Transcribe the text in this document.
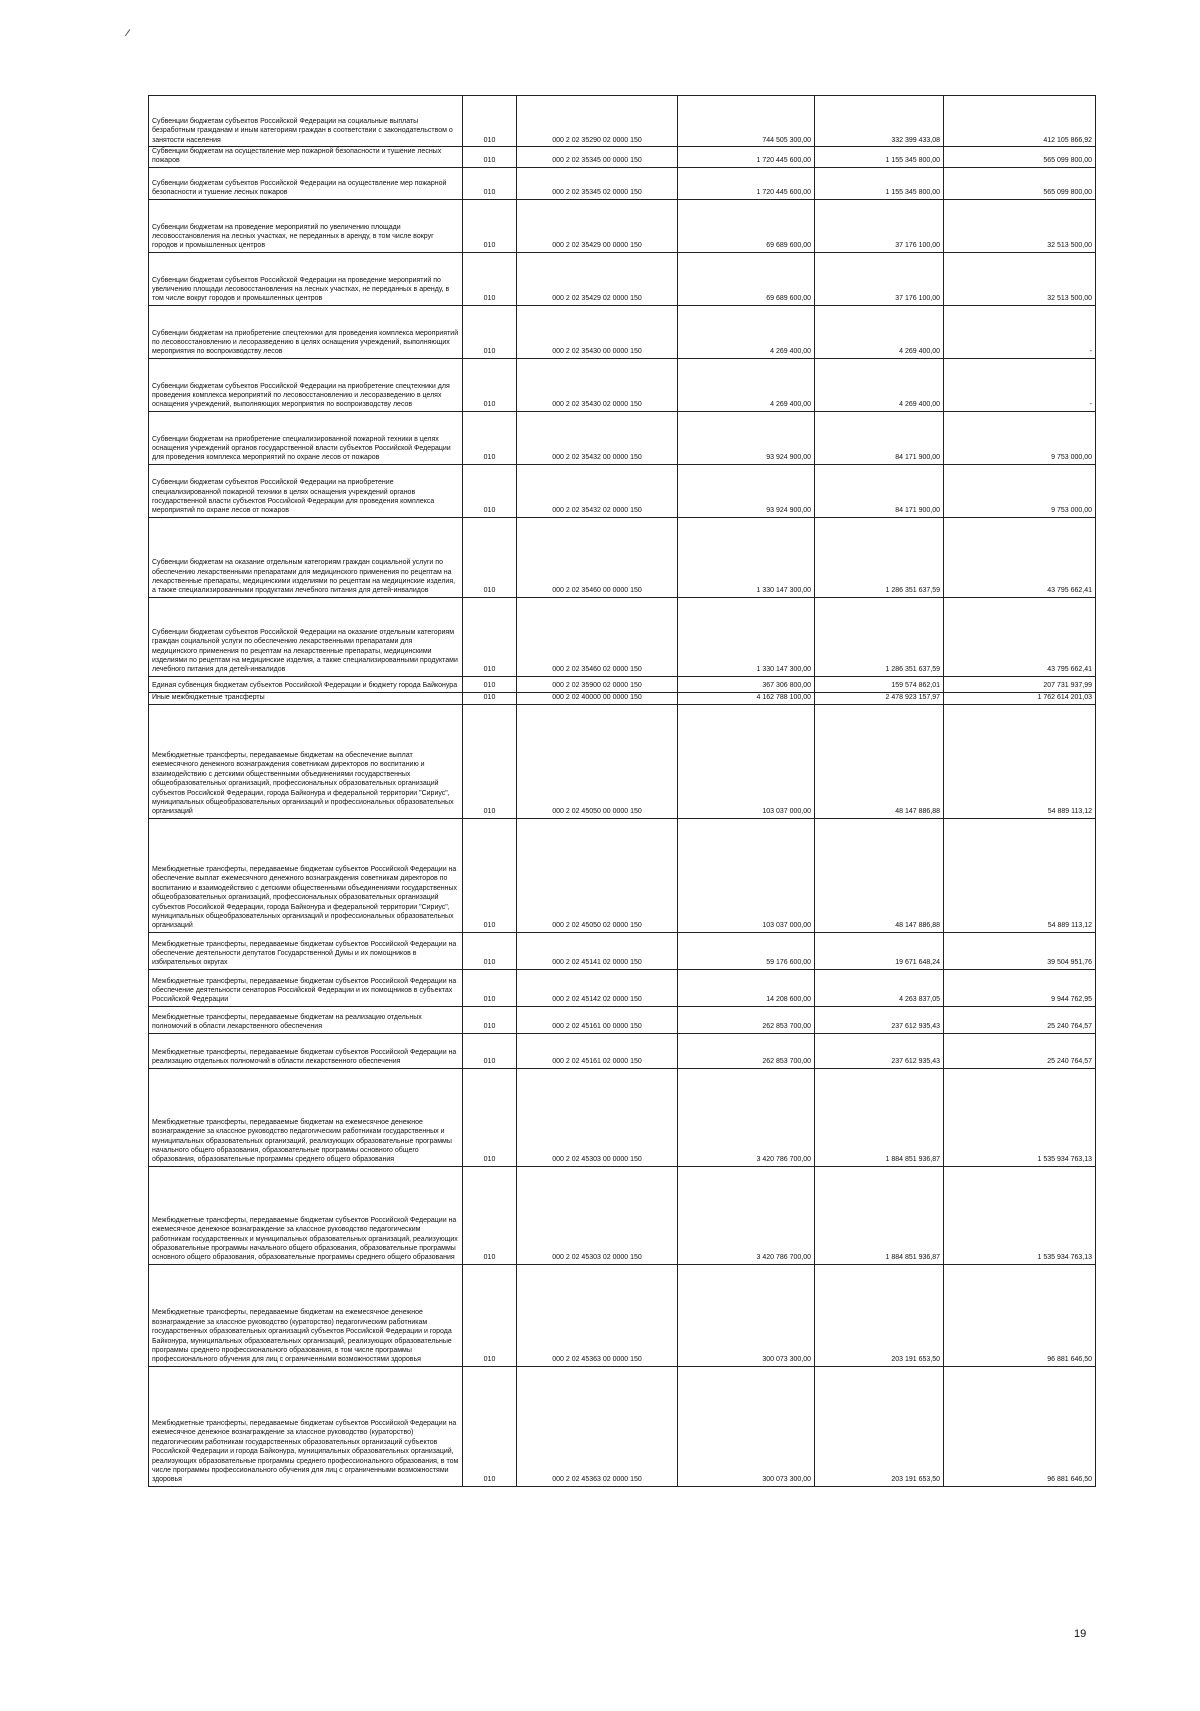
Субвенции бюджетам субъектов Российской Федерации на социальные выплаты безработным гражданам и иным категориям граждан в соответствии с законодательством о занятости населения	010	000 2 02 35290 02 0000 150	744 505 300,00	332 399 433,08	412 105 866,92
Субвенции бюджетам на осуществление мер пожарной безопасности и тушение лесных пожаров	010	000 2 02 35345 00 0000 150	1 720 445 600,00	1 155 345 800,00	565 099 800,00
Субвенции бюджетам субъектов Российской Федерации на осуществление мер пожарной безопасности и тушение лесных пожаров	010	000 2 02 35345 02 0000 150	1 720 445 600,00	1 155 345 800,00	565 099 800,00
Субвенции бюджетам на проведение мероприятий по увеличению площади лесовосстановления на лесных участках, не переданных в аренду, в том числе вокруг городов и промышленных центров	010	000 2 02 35429 00 0000 150	69 689 600,00	37 176 100,00	32 513 500,00
Субвенции бюджетам субъектов Российской Федерации на проведение мероприятий по увеличению площади лесовосстановления на лесных участках, не переданных в аренду, в том числе вокруг городов и промышленных центров	010	000 2 02 35429 02 0000 150	69 689 600,00	37 176 100,00	32 513 500,00
Субвенции бюджетам на приобретение спецтехники для проведения комплекса мероприятий по лесовосстановлению и лесоразведению в целях оснащения учреждений, выполняющих мероприятия по воспроизводству лесов	010	000 2 02 35430 00 0000 150	4 269 400,00	4 269 400,00	-
Субвенции бюджетам субъектов Российской Федерации на приобретение спецтехники для проведения комплекса мероприятий по лесовосстановлению и лесоразведению в целях оснащения учреждений, выполняющих мероприятия по воспроизводству лесов	010	000 2 02 35430 02 0000 150	4 269 400,00	4 269 400,00	-
Субвенции бюджетам на приобретение специализированной пожарной техники в целях оснащения учреждений органов государственной власти субъектов Российской Федерации для проведения комплекса мероприятий по охране лесов от пожаров	010	000 2 02 35432 00 0000 150	93 924 900,00	84 171 900,00	9 753 000,00
Субвенции бюджетам субъектов Российской Федерации на приобретение специализированной пожарной техники в целях оснащения учреждений органов государственной власти субъектов Российской Федерации для проведения комплекса мероприятий по охране лесов от пожаров	010	000 2 02 35432 02 0000 150	93 924 900,00	84 171 900,00	9 753 000,00
Субвенции бюджетам на оказание отдельным категориям граждан социальной услуги по обеспечению лекарственными препаратами для медицинского применения по рецептам на лекарственные препараты, медицинскими изделиями по рецептам на медицинские изделия, а также специализированными продуктами лечебного питания для детей-инвалидов	010	000 2 02 35460 00 0000 150	1 330 147 300,00	1 286 351 637,59	43 795 662,41
Субвенции бюджетам субъектов Российской Федерации на оказание отдельным категориям граждан социальной услуги по обеспечению лекарственными препаратами для медицинского применения по рецептам на лекарственные препараты, медицинскими изделиями по рецептам на медицинские изделия, а также специализированными продуктами лечебного питания для детей-инвалидов	010	000 2 02 35460 02 0000 150	1 330 147 300,00	1 286 351 637,59	43 795 662,41
Единая субвенция бюджетам субъектов Российской Федерации и бюджету города Байконура	010	000 2 02 35900 02 0000 150	367 306 800,00	159 574 862,01	207 731 937,99
Иные межбюджетные трансферты	010	000 2 02 40000 00 0000 150	4 162 788 100,00	2 478 923 157,97	1 762 614 201,03
Межбюджетные трансферты, передаваемые бюджетам на обеспечение выплат ежемесячного денежного вознаграждения советникам директоров по воспитанию и взаимодействию с детскими общественными объединениями государственных общеобразовательных организаций, профессиональных образовательных организаций субъектов Российской Федерации, города Байконура и федеральной территории "Сириус", муниципальных общеобразовательных организаций и профессиональных образовательных организаций	010	000 2 02 45050 00 0000 150	103 037 000,00	48 147 886,88	54 889 113,12
Межбюджетные трансферты, передаваемые бюджетам субъектов Российской Федерации на обеспечение выплат ежемесячного денежного вознаграждения советникам директоров по воспитанию и взаимодействию с детскими общественными объединениями государственных общеобразовательных организаций, профессиональных образовательных организаций субъектов Российской Федерации, города Байконура и федеральной территории "Сириус", муниципальных общеобразовательных организаций и профессиональных образовательных организаций	010	000 2 02 45050 02 0000 150	103 037 000,00	48 147 886,88	54 889 113,12
Межбюджетные трансферты, передаваемые бюджетам субъектов Российской Федерации на обеспечение деятельности депутатов Государственной Думы и их помощников в избирательных округах	010	000 2 02 45141 02 0000 150	59 176 600,00	19 671 648,24	39 504 951,76
Межбюджетные трансферты, передаваемые бюджетам субъектов Российской Федерации на обеспечение деятельности сенаторов Российской Федерации и их помощников в субъектах Российской Федерации	010	000 2 02 45142 02 0000 150	14 208 600,00	4 263 837,05	9 944 762,95
Межбюджетные трансферты, передаваемые бюджетам на реализацию отдельных полномочий в области лекарственного обеспечения	010	000 2 02 45161 00 0000 150	262 853 700,00	237 612 935,43	25 240 764,57
Межбюджетные трансферты, передаваемые бюджетам субъектов Российской Федерации на реализацию отдельных полномочий в области лекарственного обеспечения	010	000 2 02 45161 02 0000 150	262 853 700,00	237 612 935,43	25 240 764,57
Межбюджетные трансферты, передаваемые бюджетам на ежемесячное денежное вознаграждение за классное руководство педагогическим работникам государственных и муниципальных образовательных организаций, реализующих образовательные программы начального общего образования, образовательные программы основного общего образования, образовательные программы среднего общего образования	010	000 2 02 45303 00 0000 150	3 420 786 700,00	1 884 851 936,87	1 535 934 763,13
Межбюджетные трансферты, передаваемые бюджетам субъектов Российской Федерации на ежемесячное денежное вознаграждение за классное руководство педагогическим работникам государственных и муниципальных образовательных организаций, реализующих образовательные программы начального общего образования, образовательные программы основного общего образования, образовательные программы среднего общего образования	010	000 2 02 45303 02 0000 150	3 420 786 700,00	1 884 851 936,87	1 535 934 763,13
Межбюджетные трансферты, передаваемые бюджетам на ежемесячное денежное вознаграждение за классное руководство (кураторство) педагогическим работникам государственных образовательных организаций субъектов Российской Федерации и города Байконура, муниципальных образовательных организаций, реализующих образовательные программы среднего профессионального образования, в том числе программы профессионального обучения для лиц с ограниченными возможностями здоровья	010	000 2 02 45363 00 0000 150	300 073 300,00	203 191 653,50	96 881 646,50
Межбюджетные трансферты, передаваемые бюджетам субъектов Российской Федерации на ежемесячное денежное вознаграждение за классное руководство (кураторство) педагогическим работникам государственных образовательных организаций субъектов Российской Федерации и города Байконура, муниципальных образовательных организаций, реализующих образовательные программы среднего профессионального образования, в том числе программы профессионального обучения для лиц с ограниченными возможностями здоровья	010	000 2 02 45363 02 0000 150	300 073 300,00	203 191 653,50	96 881 646,50
19
